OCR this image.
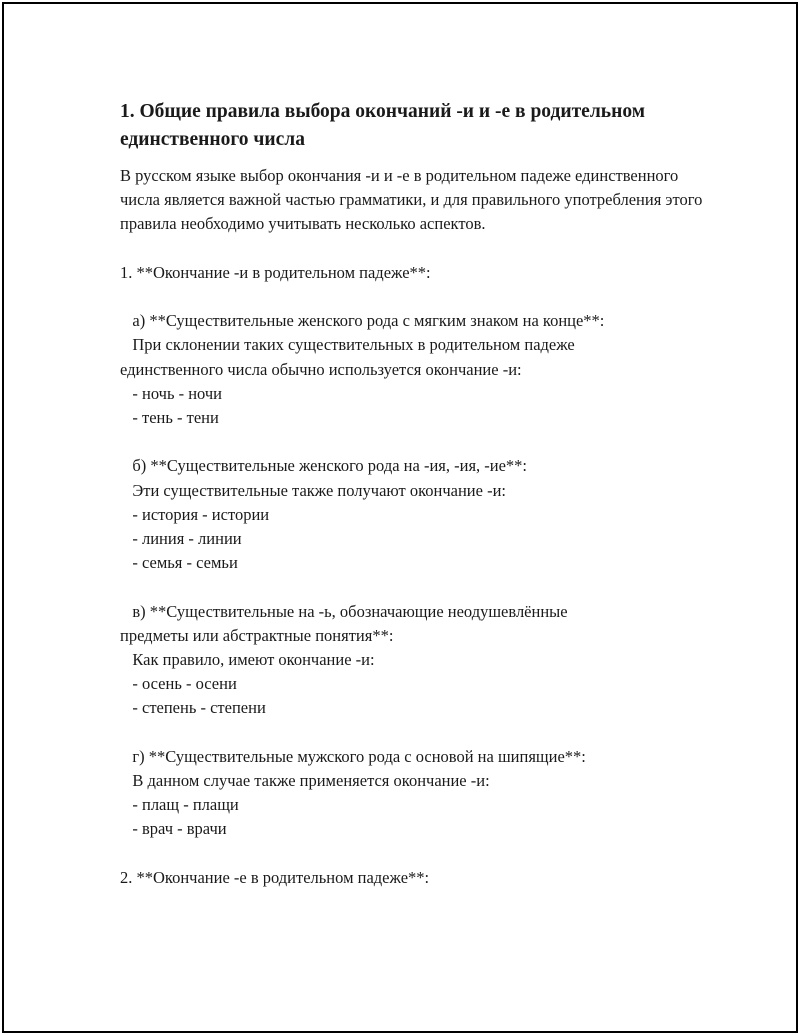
1. Общие правила выбора окончаний -и и -е в родительном единственного числа

В русском языке выбор окончания -и и -е в родительном падеже единственного числа является важной частью грамматики, и для правильного употребления этого правила необходимо учитывать несколько аспектов.

1. **Окончание -и в родительном падеже**:
а) **Существительные женского рода с мягким знаком на конце**:
При склонении таких существительных в родительном падеже
единственного числа обычно используется окончание -и:
- ночь - ночи
- тень - тени
б) **Существительные женского рода на -ия, -ия, -ие**:
Эти существительные также получают окончание -и:
- история - истории
- линия - линии
- семья - семьи
в) **Существительные на -ь, обозначающие неодушевлённые
предметы или абстрактные понятия**:
Как правило, имеют окончание -и:
- осень - осени
- степень - степени
г) **Существительные мужского рода с основой на шипящие**:
В данном случае также применяется окончание -и:
- плащ - плащи
- врач - врачи
2. **Окончание -е в родительном падеже**:
